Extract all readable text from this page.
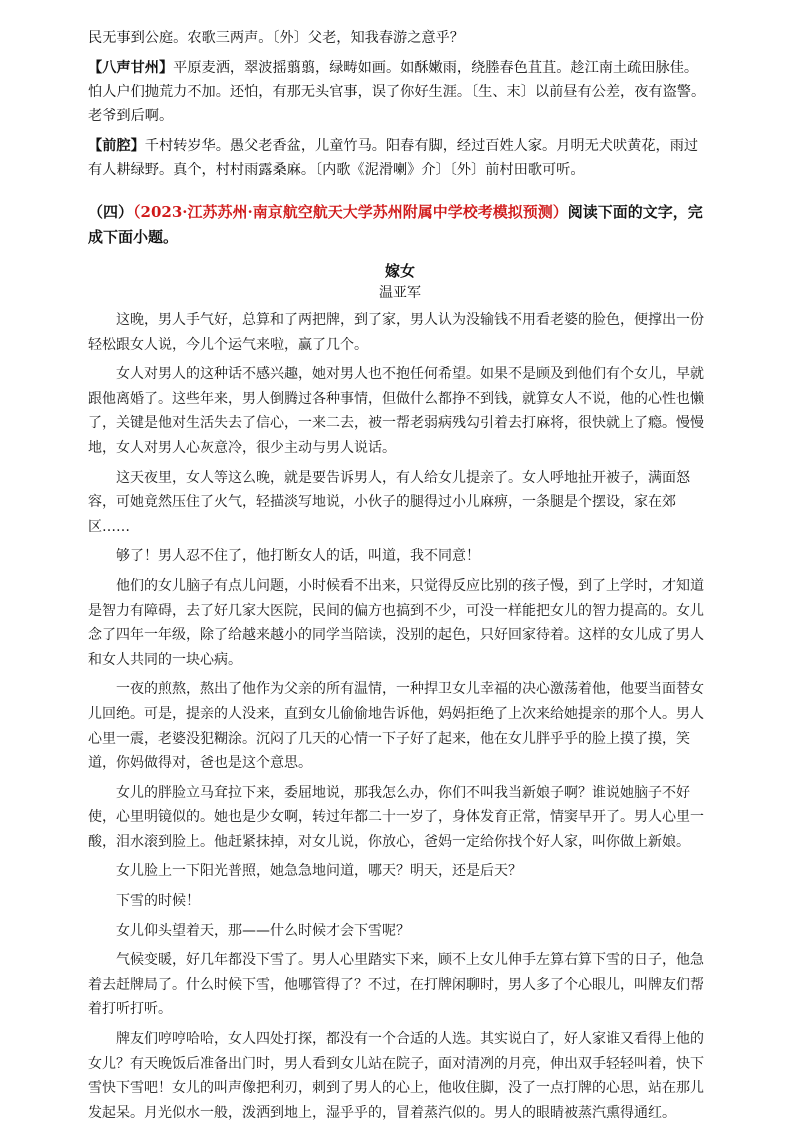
民无事到公庭。农歌三两声。〔外〕父老，知我春游之意乎？

【八声甘州】平原麦洒，翠波摇翦翦，绿畴如画。如酥嫩雨，绕塍春色苴苴。趁江南土疏田脉佳。怕人户们抛荒力不加。还怕，有那无头官事，误了你好生涯。〔生、末〕以前昼有公差，夜有盗警。老爷到后啊。

【前腔】千村转岁华。愚父老香盆，儿童竹马。阳春有脚，经过百姓人家。月明无犬吠黄花，雨过有人耕绿野。真个，村村雨露桑麻。〔内歌《泥滑喇》介〕〔外〕前村田歌可听。

（四）（2023·江苏苏州·南京航空航天大学苏州附属中学校考模拟预测）阅读下面的文字，完成下面小题。

嫁女

温亚军

这晚，男人手气好，总算和了两把牌，到了家，男人认为没输钱不用看老婆的脸色，便撑出一份轻松跟女人说，今儿个运气来啦，赢了几个。

女人对男人的这种话不感兴趣，她对男人也不抱任何希望。如果不是顾及到他们有个女儿，早就跟他离婚了。这些年来，男人倒腾过各种事情，但做什么都挣不到钱，就算女人不说，他的心性也懒了，关键是他对生活失去了信心，一来二去，被一帮老弱病残勾引着去打麻将，很快就上了瘾。慢慢地，女人对男人心灰意冷，很少主动与男人说话。

这天夜里，女人等这么晚，就是要告诉男人，有人给女儿提亲了。女人呼地扯开被子，满面怒容，可她竟然压住了火气，轻描淡写地说，小伙子的腿得过小儿麻痹，一条腿是个摆设，家在郊区……

够了！男人忍不住了，他打断女人的话，叫道，我不同意！

他们的女儿脑子有点儿问题，小时候看不出来，只觉得反应比别的孩子慢，到了上学时，才知道是智力有障碍，去了好几家大医院，民间的偏方也搞到不少，可没一样能把女儿的智力提高的。女儿念了四年一年级，除了给越来越小的同学当陪读，没别的起色，只好回家待着。这样的女儿成了男人和女人共同的一块心病。

一夜的煎熬，熬出了他作为父亲的所有温情，一种捍卫女儿幸福的决心激荡着他，他要当面替女儿回绝。可是，提亲的人没来，直到女儿偷偷地告诉他，妈妈拒绝了上次来给她提亲的那个人。男人心里一震，老婆没犯糊涂。沉闷了几天的心情一下子好了起来，他在女儿胖乎乎的脸上摸了摸，笑道，你妈做得对，爸也是这个意思。

女儿的胖脸立马耷拉下来，委屈地说，那我怎么办，你们不叫我当新娘子啊？谁说她脑子不好使，心里明镜似的。她也是少女啊，转过年都二十一岁了，身体发育正常，情窦早开了。男人心里一酸，泪水滚到脸上。他赶紧抹掉，对女儿说，你放心，爸妈一定给你找个好人家，叫你做上新娘。

女儿脸上一下阳光普照，她急急地问道，哪天？明天，还是后天？

下雪的时候！

女儿仰头望着天，那——什么时候才会下雪呢？

气候变暖，好几年都没下雪了。男人心里踏实下来，顾不上女儿伸手左算右算下雪的日子，他急着去赶牌局了。什么时候下雪，他哪管得了？不过，在打牌闲聊时，男人多了个心眼儿，叫牌友们帮着打听打听。

牌友们哼哼哈哈，女人四处打探，都没有一个合适的人选。其实说白了，好人家谁又看得上他的女儿？有天晚饭后准备出门时，男人看到女儿站在院子，面对清冽的月亮，伸出双手轻轻叫着，快下雪快下雪吧！女儿的叫声像把利刃，刺到了男人的心上，他收住脚，没了一点打牌的心思，站在那儿发起呆。月光似水一般，泼洒到地上，湿乎乎的，冒着蒸汽似的。男人的眼睛被蒸汽熏得通红。
